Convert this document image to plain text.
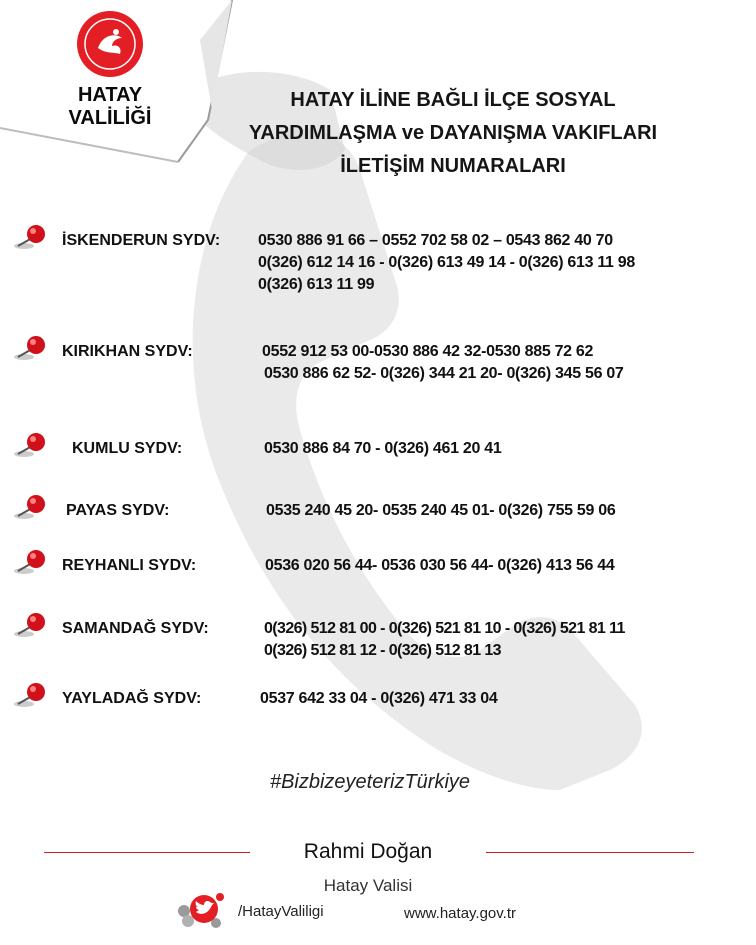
HATAY
VALİLİĞİ
HATAY İLİNE BAĞLI İLÇE SOSYAL
YARDIMLAŞMA ve DAYANIŞMA VAKIFLARI
İLETİŞİM NUMARALARI
İSKENDERUN SYDV: 0530 886 91 66 – 0552 702 58 02 – 0543 862 40 70
0(326) 612 14 16 - 0(326) 613 49 14 - 0(326) 613 11 98
0(326) 613 11 99
KIRIKHAN SYDV:	0552 912 53 00-0530 886 42 32-0530 885 72 62
0530 886 62 52- 0(326) 344 21 20- 0(326) 345 56 07
KUMLU SYDV:	0530 886 84 70 - 0(326) 461 20 41
PAYAS SYDV:	0535 240 45 20- 0535 240 45 01- 0(326) 755 59 06
REYHANLI SYDV:	0536 020 56 44- 0536 030 56 44- 0(326) 413 56 44
SAMANDAĞ SYDV:	0(326) 512 81 00 - 0(326) 521 81 10 - 0(326) 521 81 11
0(326) 512 81 12 - 0(326) 512 81 13
YAYLADAĞ SYDV:	0537 642 33 04 - 0(326) 471 33 04
#BizbizeyeterizTürkiye
Rahmi Doğan
Hatay Valisi
/HatayValiligi	www.hatay.gov.tr
